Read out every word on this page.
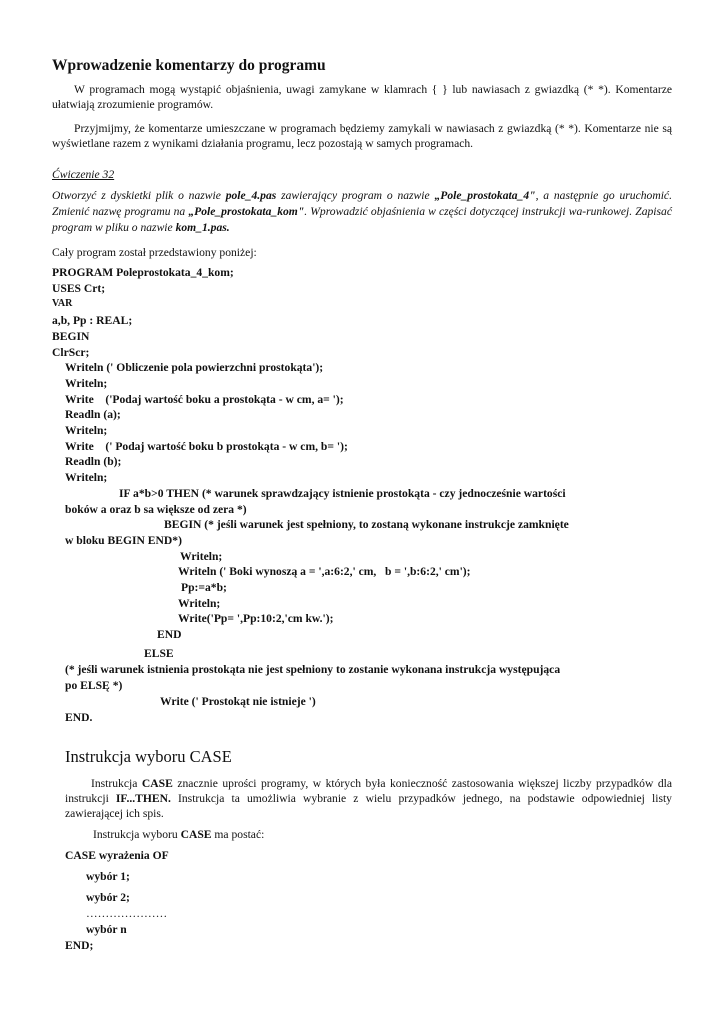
Wprowadzenie komentarzy do programu

W programach mogą wystąpić objaśnienia, uwagi zamykane w klamrach { } lub nawiasach z gwiazdką (* *). Komentarze ułatwiają zrozumienie programów.

Przyjmijmy, że komentarze umieszczane w programach będziemy zamykali w nawiasach z gwiazdką (* *). Komentarze nie są wyświetlane razem z wynikami działania programu, lecz pozostają w samych programach.

Ćwiczenie 32

Otworzyć z dyskietki plik o nazwie pole_4.pas zawierający program o nazwie „Pole_prostokata_4", a następnie go uruchomić. Zmienić nazwę programu na „Pole_prostokata_kom". Wprowadzić objaśnienia w części dotyczącej instrukcji wa-runkowej. Zapisać program w pliku o nazwie kom_1.pas.

Cały program został przedstawiony poniżej:
PROGRAM Poleprostokata_4_kom;
USES Crt;
VAR
a,b, Pp : REAL;
BEGIN
ClrScr;
Writeln (' Obliczenie pola powierzchni prostokąta');
Writeln;
Write    ('Podaj wartość boku a prostokąta - w cm, a= ');
Readln (a);
Writeln;
Write    (' Podaj wartość boku b prostokąta - w cm, b= ');
Readln (b);
Writeln;
IF a*b>0 THEN (* warunek sprawdzający istnienie prostokąta - czy jednocześnie wartości
boków a oraz b sa większe od zera *)
BEGIN (* jeśli warunek jest spełniony, to zostaną wykonane instrukcje zamknięte
w bloku BEGIN END*)
Writeln;
Writeln (' Boki wynoszą a = ',a:6:2,' cm,   b = ',b:6:2,' cm');
Pp:=a*b;
Writeln;
Write('Pp= ',Pp:10:2,'cm kw.');
END
ELSE
(* jeśli warunek istnienia prostokąta nie jest spełniony to zostanie wykonana instrukcja występująca
po ELSĘ *)
Write (' Prostokąt nie istnieje ')
END.
Instrukcja wyboru CASE

Instrukcja CASE znacznie uprości programy, w których była konieczność zastosowania większej liczby przypadków dla instrukcji IF...THEN. Instrukcja ta umożliwia wybranie z wielu przypadków jednego, na podstawie odpowiedniej listy zawierającej ich spis.

Instrukcja wyboru CASE ma postać:
CASE wyrażenia OF
wybór 1;
wybór 2;
…………………
wybór n
END;
